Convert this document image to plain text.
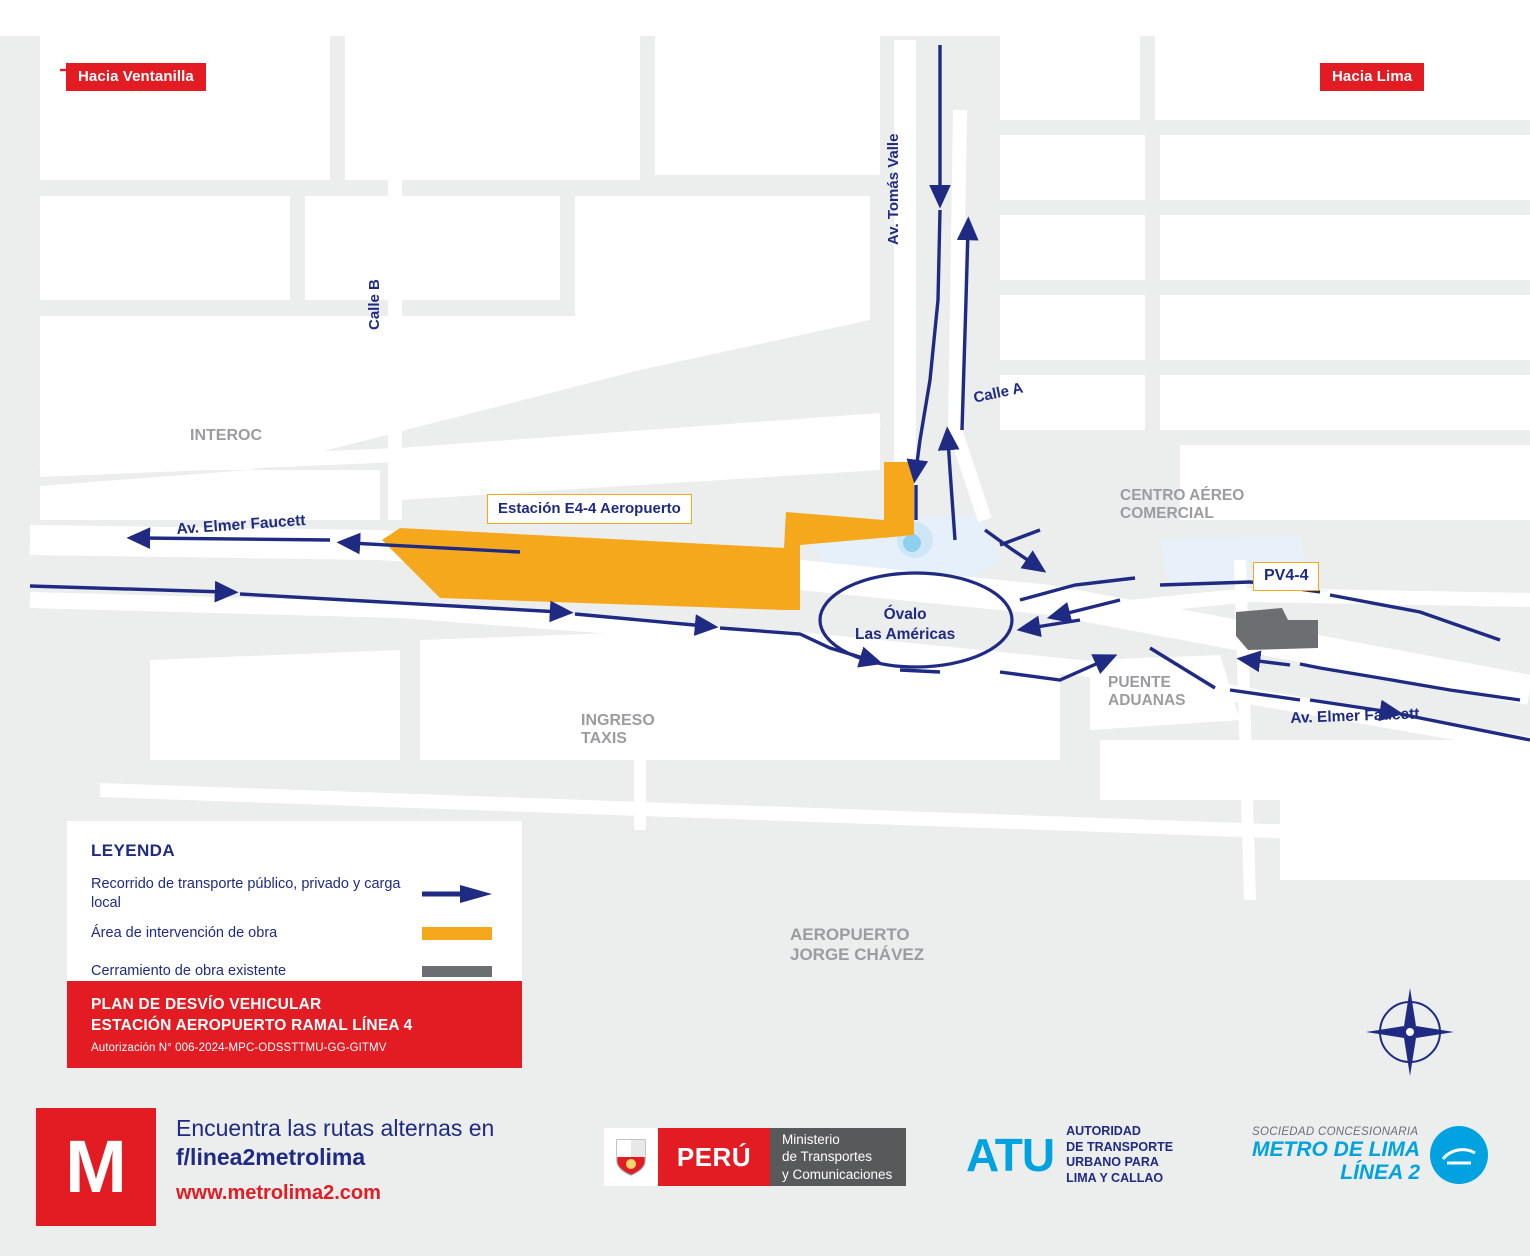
Hacia Ventanilla	Hacia Lima
Calle B
Av. Tomás Valle
Calle A
Av. Elmer Faucett
Av. Elmer Faucett
Óvalo
Las Américas
INTEROC
CENTRO AÉREO
COMERCIAL
INGRESO
TAXIS
PUENTE
ADUANAS
AEROPUERTO
JORGE CHÁVEZ
Estación E4-4 Aeropuerto
PV4-4
LEYENDA
Recorrido de transporte público, privado y carga local
Área de intervención de obra
Cerramiento de obra existente
PLAN DE DESVÍO VEHICULAR
ESTACIÓN AEROPUERTO RAMAL LÍNEA 4
Autorización N° 006-2024-MPC-ODSSTTMU-GG-GITMV
M Encuentra las rutas alternas en
f/linea2metrolima
www.metrolima2.com
PERÚ
Ministerio
de Transportes
y Comunicaciones ATU AUTORIDAD
DE TRANSPORTE
URBANO PARA
LIMA Y CALLAO
SOCIEDAD CONCESIONARIA
METRO DE LIMA
LÍNEA 2
